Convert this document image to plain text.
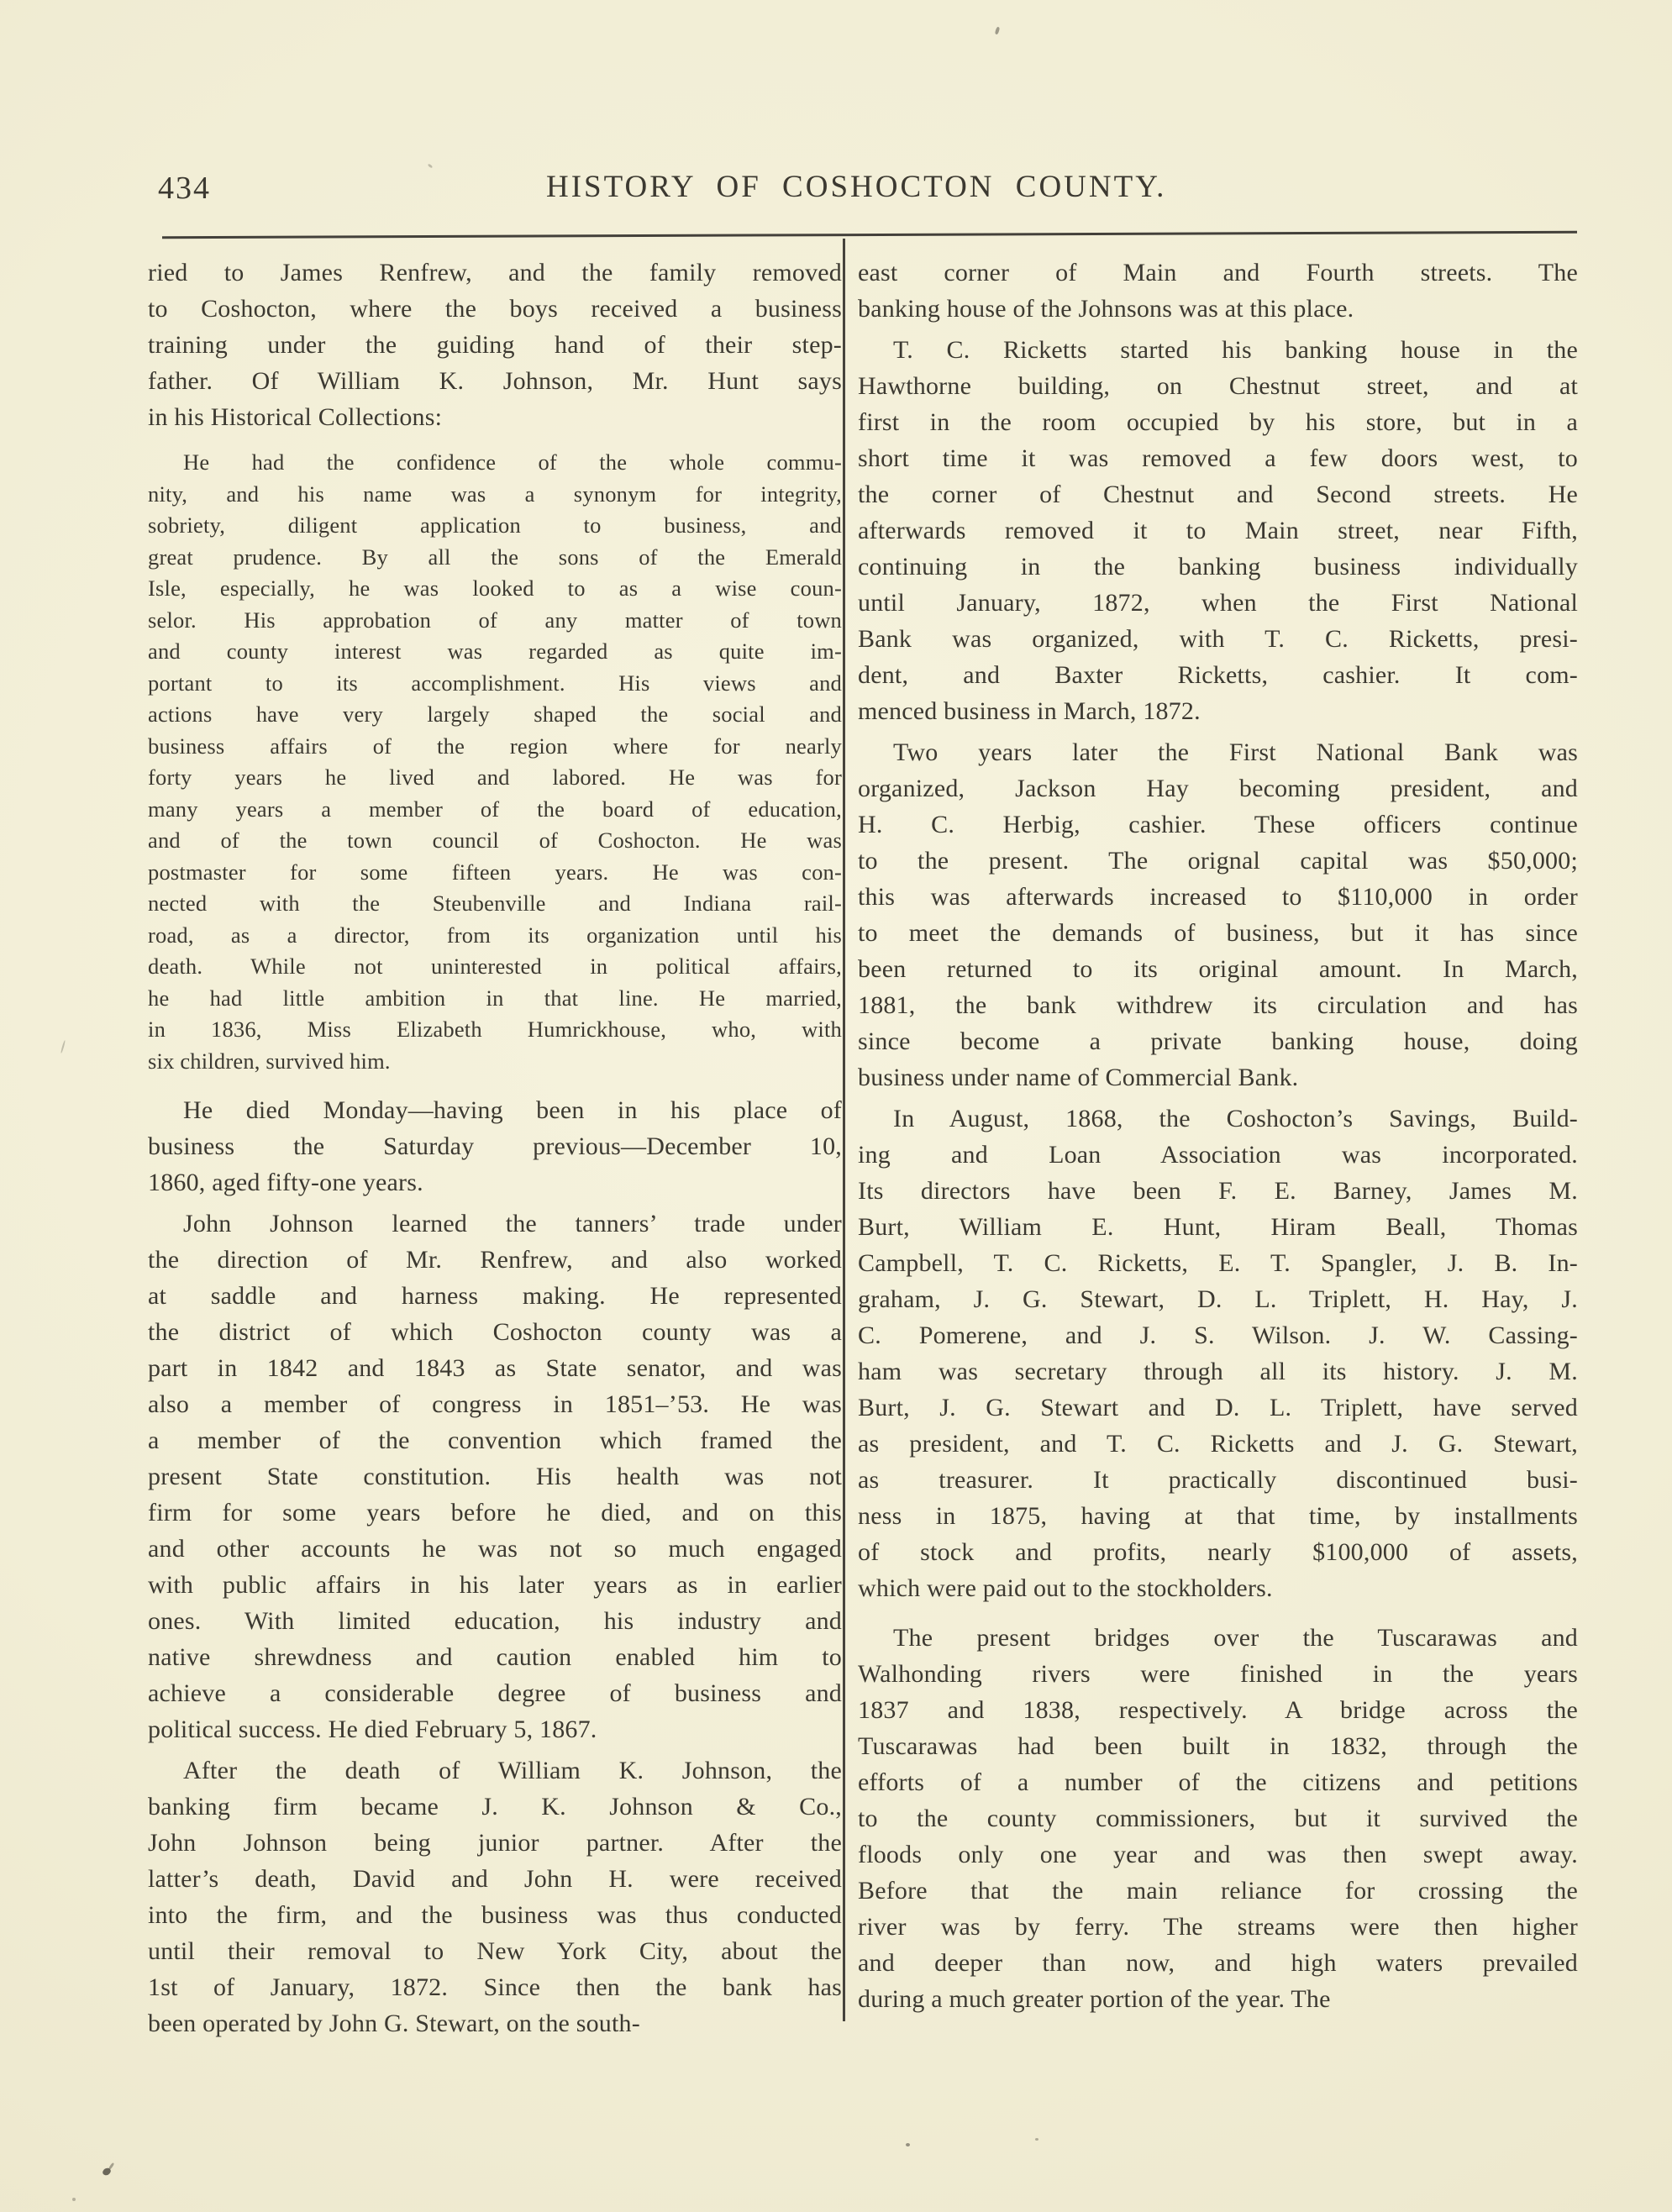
434	HISTORY OF COSHOCTON COUNTY.
ried to James Renfrew, and the family removed
to Coshocton, where the boys received a business
training under the guiding hand of their step-
father. Of William K. Johnson, Mr. Hunt says
in his Historical Collections:
He had the confidence of the whole commu-
nity, and his name was a synonym for integrity,
sobriety, diligent application to business, and
great prudence. By all the sons of the Emerald
Isle, especially, he was looked to as a wise coun-
selor. His approbation of any matter of town
and county interest was regarded as quite im-
portant to its accomplishment. His views and
actions have very largely shaped the social and
business affairs of the region where for nearly
forty years he lived and labored. He was for
many years a member of the board of education,
and of the town council of Coshocton. He was
postmaster for some fifteen years. He was con-
nected with the Steubenville and Indiana rail-
road, as a director, from its organization until his
death. While not uninterested in political affairs,
he had little ambition in that line. He married,
in 1836, Miss Elizabeth Humrickhouse, who, with
six children, survived him.
He died Monday—having been in his place of
business the Saturday previous—December 10,
1860, aged fifty-one years.
John Johnson learned the tanners’ trade under
the direction of Mr. Renfrew, and also worked
at saddle and harness making. He represented
the district of which Coshocton county was a
part in 1842 and 1843 as State senator, and was
also a member of congress in 1851–’53. He was
a member of the convention which framed the
present State constitution. His health was not
firm for some years before he died, and on this
and other accounts he was not so much engaged
with public affairs in his later years as in earlier
ones. With limited education, his industry and
native shrewdness and caution enabled him to
achieve a considerable degree of business and
political success. He died February 5, 1867.
After the death of William K. Johnson, the
banking firm became J. K. Johnson & Co.,
John Johnson being junior partner. After the
latter’s death, David and John H. were received
into the firm, and the business was thus conducted
until their removal to New York City, about the
1st of January, 1872. Since then the bank has
been operated by John G. Stewart, on the south-
east corner of Main and Fourth streets. The
banking house of the Johnsons was at this place.
T. C. Ricketts started his banking house in the
Hawthorne building, on Chestnut street, and at
first in the room occupied by his store, but in a
short time it was removed a few doors west, to
the corner of Chestnut and Second streets. He
afterwards removed it to Main street, near Fifth,
continuing in the banking business individually
until January, 1872, when the First National
Bank was organized, with T. C. Ricketts, presi-
dent, and Baxter Ricketts, cashier. It com-
menced business in March, 1872.
Two years later the First National Bank was
organized, Jackson Hay becoming president, and
H. C. Herbig, cashier. These officers continue
to the present. The orignal capital was $50,000;
this was afterwards increased to $110,000 in order
to meet the demands of business, but it has since
been returned to its original amount. In March,
1881, the bank withdrew its circulation and has
since become a private banking house, doing
business under name of Commercial Bank.
In August, 1868, the Coshocton’s Savings, Build-
ing and Loan Association was incorporated.
Its directors have been F. E. Barney, James M.
Burt, William E. Hunt, Hiram Beall, Thomas
Campbell, T. C. Ricketts, E. T. Spangler, J. B. In-
graham, J. G. Stewart, D. L. Triplett, H. Hay, J.
C. Pomerene, and J. S. Wilson. J. W. Cassing-
ham was secretary through all its history. J. M.
Burt, J. G. Stewart and D. L. Triplett, have served
as president, and T. C. Ricketts and J. G. Stewart,
as treasurer. It practically discontinued busi-
ness in 1875, having at that time, by installments
of stock and profits, nearly $100,000 of assets,
which were paid out to the stockholders.
The present bridges over the Tuscarawas and
Walhonding rivers were finished in the years
1837 and 1838, respectively. A bridge across the
Tuscarawas had been built in 1832, through the
efforts of a number of the citizens and petitions
to the county commissioners, but it survived the
floods only one year and was then swept away.
Before that the main reliance for crossing the
river was by ferry. The streams were then higher
and deeper than now, and high waters prevailed
during a much greater portion of the year. The
